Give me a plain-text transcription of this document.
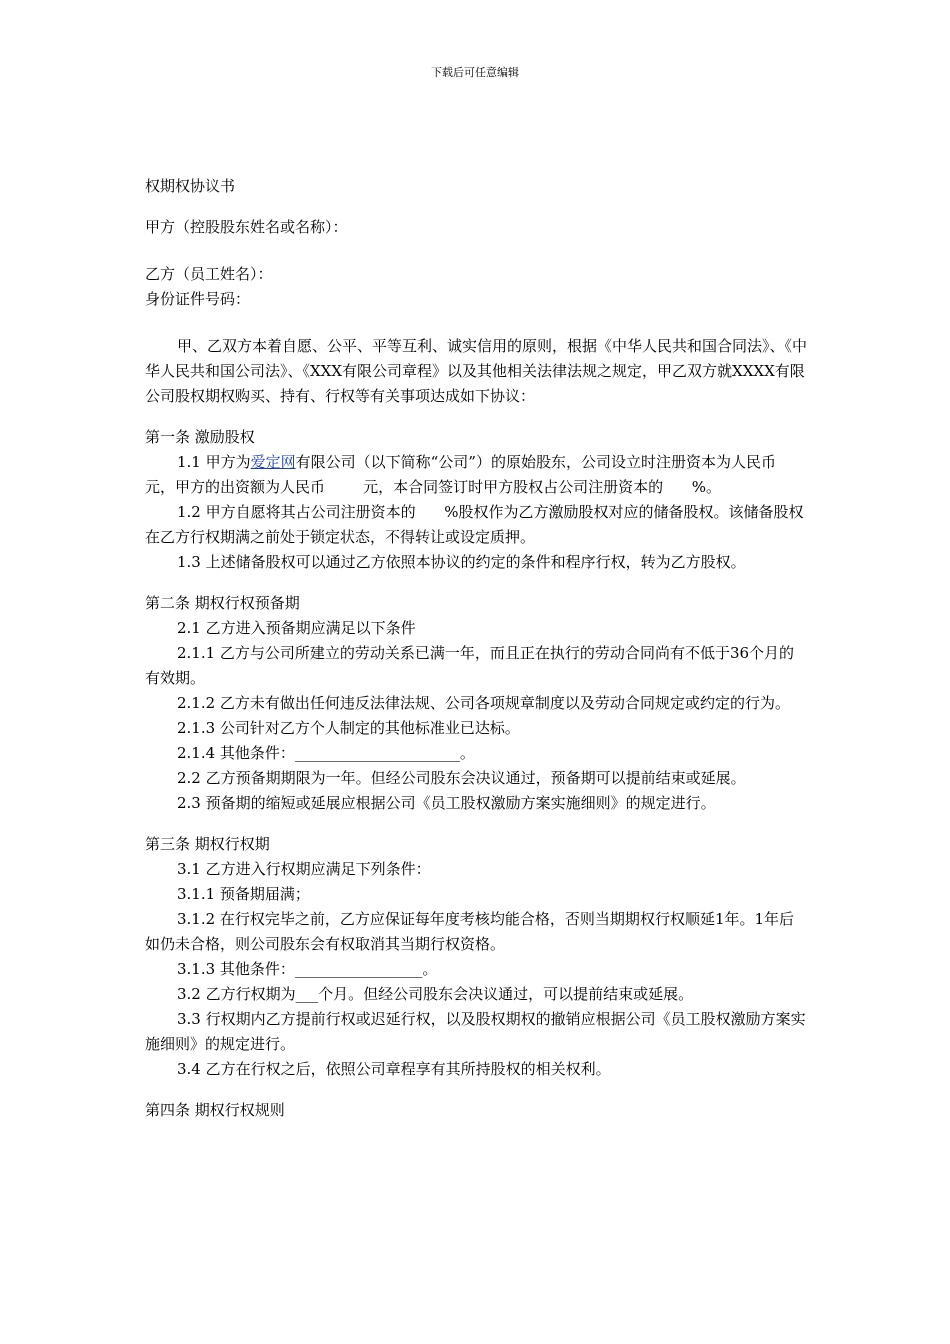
下载后可任意编辑

权期权协议书

甲方（控股股东姓名或名称）：

乙方（员工姓名）：

身份证件号码：

甲、乙双方本着自愿、公平、平等互利、诚实信用的原则，根据《中华人民共和国合同法》、《中华人民共和国公司法》、《XXX有限公司章程》以及其他相关法律法规之规定，甲乙双方就XXXX有限公司股权期权购买、持有、行权等有关事项达成如下协议：

第一条 激励股权

1.1 甲方为爱定网有限公司（以下简称“公司”）的原始股东，公司设立时注册资本为人民币        元，甲方的出资额为人民币        元，本合同签订时甲方股权占公司注册资本的      %。

1.2 甲方自愿将其占公司注册资本的      %股权作为乙方激励股权对应的储备股权。该储备股权在乙方行权期满之前处于锁定状态，不得转让或设定质押。

1.3 上述储备股权可以通过乙方依照本协议的约定的条件和程序行权，转为乙方股权。

第二条 期权行权预备期

2.1 乙方进入预备期应满足以下条件

2.1.1 乙方与公司所建立的劳动关系已满一年，而且正在执行的劳动合同尚有不低于36个月的有效期。

2.1.2 乙方未有做出任何违反法律法规、公司各项规章制度以及劳动合同规定或约定的行为。

2.1.3 公司针对乙方个人制定的其他标准业已达标。

2.1.4 其他条件：______________________。

2.2 乙方预备期期限为一年。但经公司股东会决议通过，预备期可以提前结束或延展。

2.3 预备期的缩短或延展应根据公司《员工股权激励方案实施细则》的规定进行。

第三条 期权行权期

3.1 乙方进入行权期应满足下列条件：

3.1.1 预备期届满；

3.1.2 在行权完毕之前，乙方应保证每年度考核均能合格，否则当期期权行权顺延1年。1年后如仍未合格，则公司股东会有权取消其当期行权资格。

3.1.3 其他条件：_________________。

3.2 乙方行权期为___个月。但经公司股东会决议通过，可以提前结束或延展。

3.3 行权期内乙方提前行权或迟延行权，以及股权期权的撤销应根据公司《员工股权激励方案实施细则》的规定进行。

3.4 乙方在行权之后，依照公司章程享有其所持股权的相关权利。

第四条 期权行权规则
